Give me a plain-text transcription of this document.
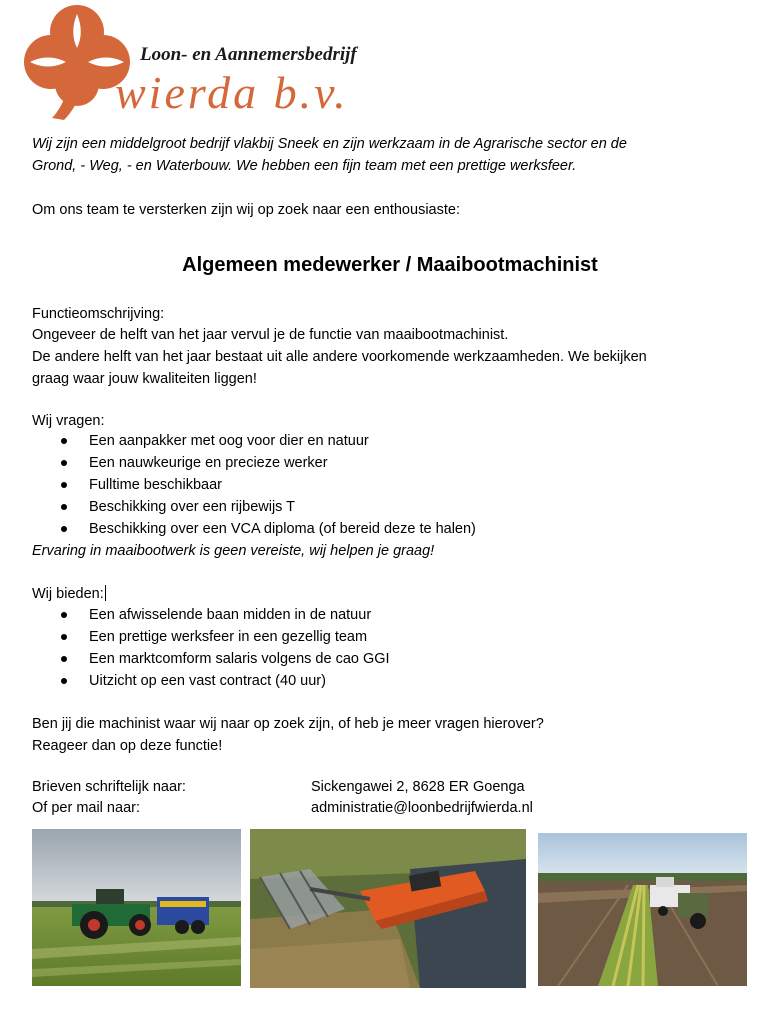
Loon- en Aannemersbedrijf
wierda b.v.
Wij zijn een middelgroot bedrijf vlakbij Sneek en zijn werkzaam in de Agrarische sector en de
Grond, - Weg, - en Waterbouw. We hebben een fijn team met een prettige werksfeer.
Om ons team te versterken zijn wij op zoek naar een enthousiaste:
Algemeen medewerker / Maaibootmachinist
Functieomschrijving:
Ongeveer de helft van het jaar vervul je de functie van maaibootmachinist.
De andere helft van het jaar bestaat uit alle andere voorkomende werkzaamheden. We bekijken
graag waar jouw kwaliteiten liggen!
Wij vragen:
Een aanpakker met oog voor dier en natuur
Een nauwkeurige en precieze werker
Fulltime beschikbaar
Beschikking over een rijbewijs T
Beschikking over een VCA diploma (of bereid deze te halen)
Ervaring in maaibootwerk is geen vereiste, wij helpen je graag!
Wij bieden:
Een afwisselende baan midden in de natuur
Een prettige werksfeer in een gezellig team
Een marktcomform salaris volgens de cao GGI
Uitzicht op een vast contract (40 uur)
Ben jij die machinist waar wij naar op zoek zijn, of heb je meer vragen hierover?
Reageer dan op deze functie!
Brieven schriftelijk naar:	Sickengawei 2, 8628 ER Goenga
Of per mail naar:	administratie@loonbedrijfwierda.nl
